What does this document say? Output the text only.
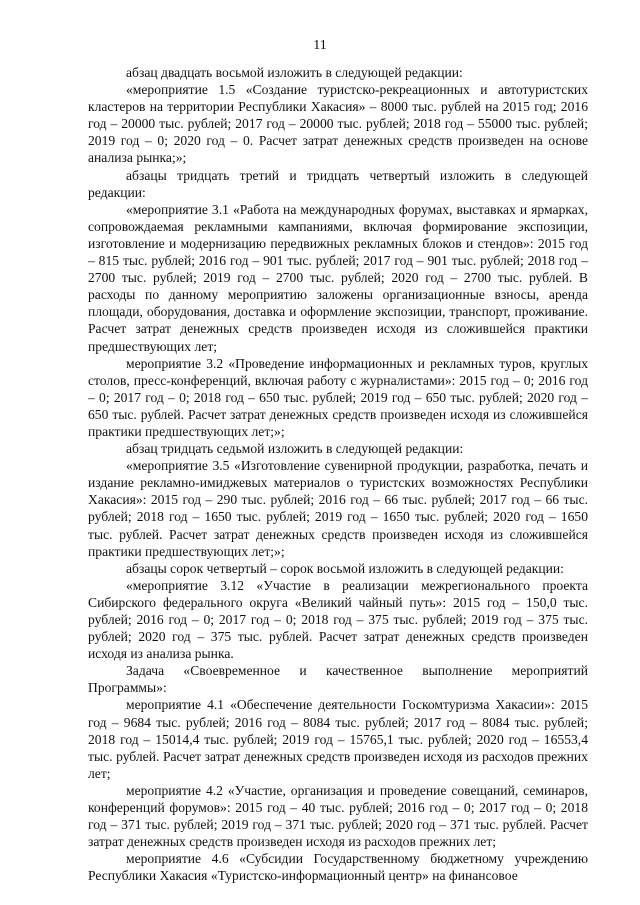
11

абзац двадцать восьмой изложить в следующей редакции:

«мероприятие 1.5 «Создание туристско-рекреационных и автотуристских кластеров на территории Республики Хакасия» – 8000 тыс. рублей на 2015 год; 2016 год – 20000 тыс. рублей; 2017 год – 20000 тыс. рублей; 2018 год – 55000 тыс. рублей; 2019 год – 0; 2020 год – 0. Расчет затрат денежных средств произведен на основе анализа рынка;»;

абзацы тридцать третий и тридцать четвертый изложить в следующей редакции:

«мероприятие 3.1 «Работа на международных форумах, выставках и ярмарках, сопровождаемая рекламными кампаниями, включая формирование экспозиции, изготовление и модернизацию передвижных рекламных блоков и стендов»: 2015 год – 815 тыс. рублей; 2016 год – 901 тыс. рублей; 2017 год – 901 тыс. рублей; 2018 год – 2700 тыс. рублей; 2019 год – 2700 тыс. рублей; 2020 год – 2700 тыс. рублей. В расходы по данному мероприятию заложены организационные взносы, аренда площади, оборудования, доставка и оформление экспозиции, транспорт, проживание. Расчет затрат денежных средств произведен исходя из сложившейся практики предшествующих лет;

мероприятие 3.2 «Проведение информационных и рекламных туров, круглых столов, пресс-конференций, включая работу с журналистами»: 2015 год – 0; 2016 год – 0; 2017 год – 0; 2018 год – 650 тыс. рублей; 2019 год – 650 тыс. рублей; 2020 год – 650 тыс. рублей. Расчет затрат денежных средств произведен исходя из сложившейся практики предшествующих лет;»;

абзац тридцать седьмой изложить в следующей редакции:

«мероприятие 3.5 «Изготовление сувенирной продукции, разработка, печать и издание рекламно-имиджевых материалов о туристских возможностях Республики Хакасия»: 2015 год – 290 тыс. рублей; 2016 год – 66 тыс. рублей; 2017 год – 66 тыс. рублей; 2018 год – 1650 тыс. рублей; 2019 год – 1650 тыс. рублей; 2020 год – 1650 тыс. рублей. Расчет затрат денежных средств произведен исходя из сложившейся практики предшествующих лет;»;

абзацы сорок четвертый – сорок восьмой изложить в следующей редакции:

«мероприятие 3.12 «Участие в реализации межрегионального проекта Сибирского федерального округа «Великий чайный путь»: 2015 год – 150,0 тыс. рублей; 2016 год – 0; 2017 год – 0; 2018 год – 375 тыс. рублей; 2019 год – 375 тыс. рублей; 2020 год – 375 тыс. рублей. Расчет затрат денежных средств произведен исходя из анализа рынка.

Задача «Своевременное и качественное выполнение мероприятий Программы»:

мероприятие 4.1 «Обеспечение деятельности Госкомтуризма Хакасии»: 2015 год – 9684 тыс. рублей; 2016 год – 8084 тыс. рублей; 2017 год – 8084 тыс. рублей; 2018 год – 15014,4 тыс. рублей; 2019 год – 15765,1 тыс. рублей; 2020 год – 16553,4 тыс. рублей. Расчет затрат денежных средств произведен исходя из расходов прежних лет;

мероприятие 4.2 «Участие, организация и проведение совещаний, семинаров, конференций форумов»: 2015 год – 40 тыс. рублей; 2016 год – 0; 2017 год – 0; 2018 год – 371 тыс. рублей; 2019 год – 371 тыс. рублей; 2020 год – 371 тыс. рублей. Расчет затрат денежных средств произведен исходя из расходов прежних лет;

мероприятие 4.6 «Субсидии Государственному бюджетному учреждению Республики Хакасия «Туристско-информационный центр» на финансовое
